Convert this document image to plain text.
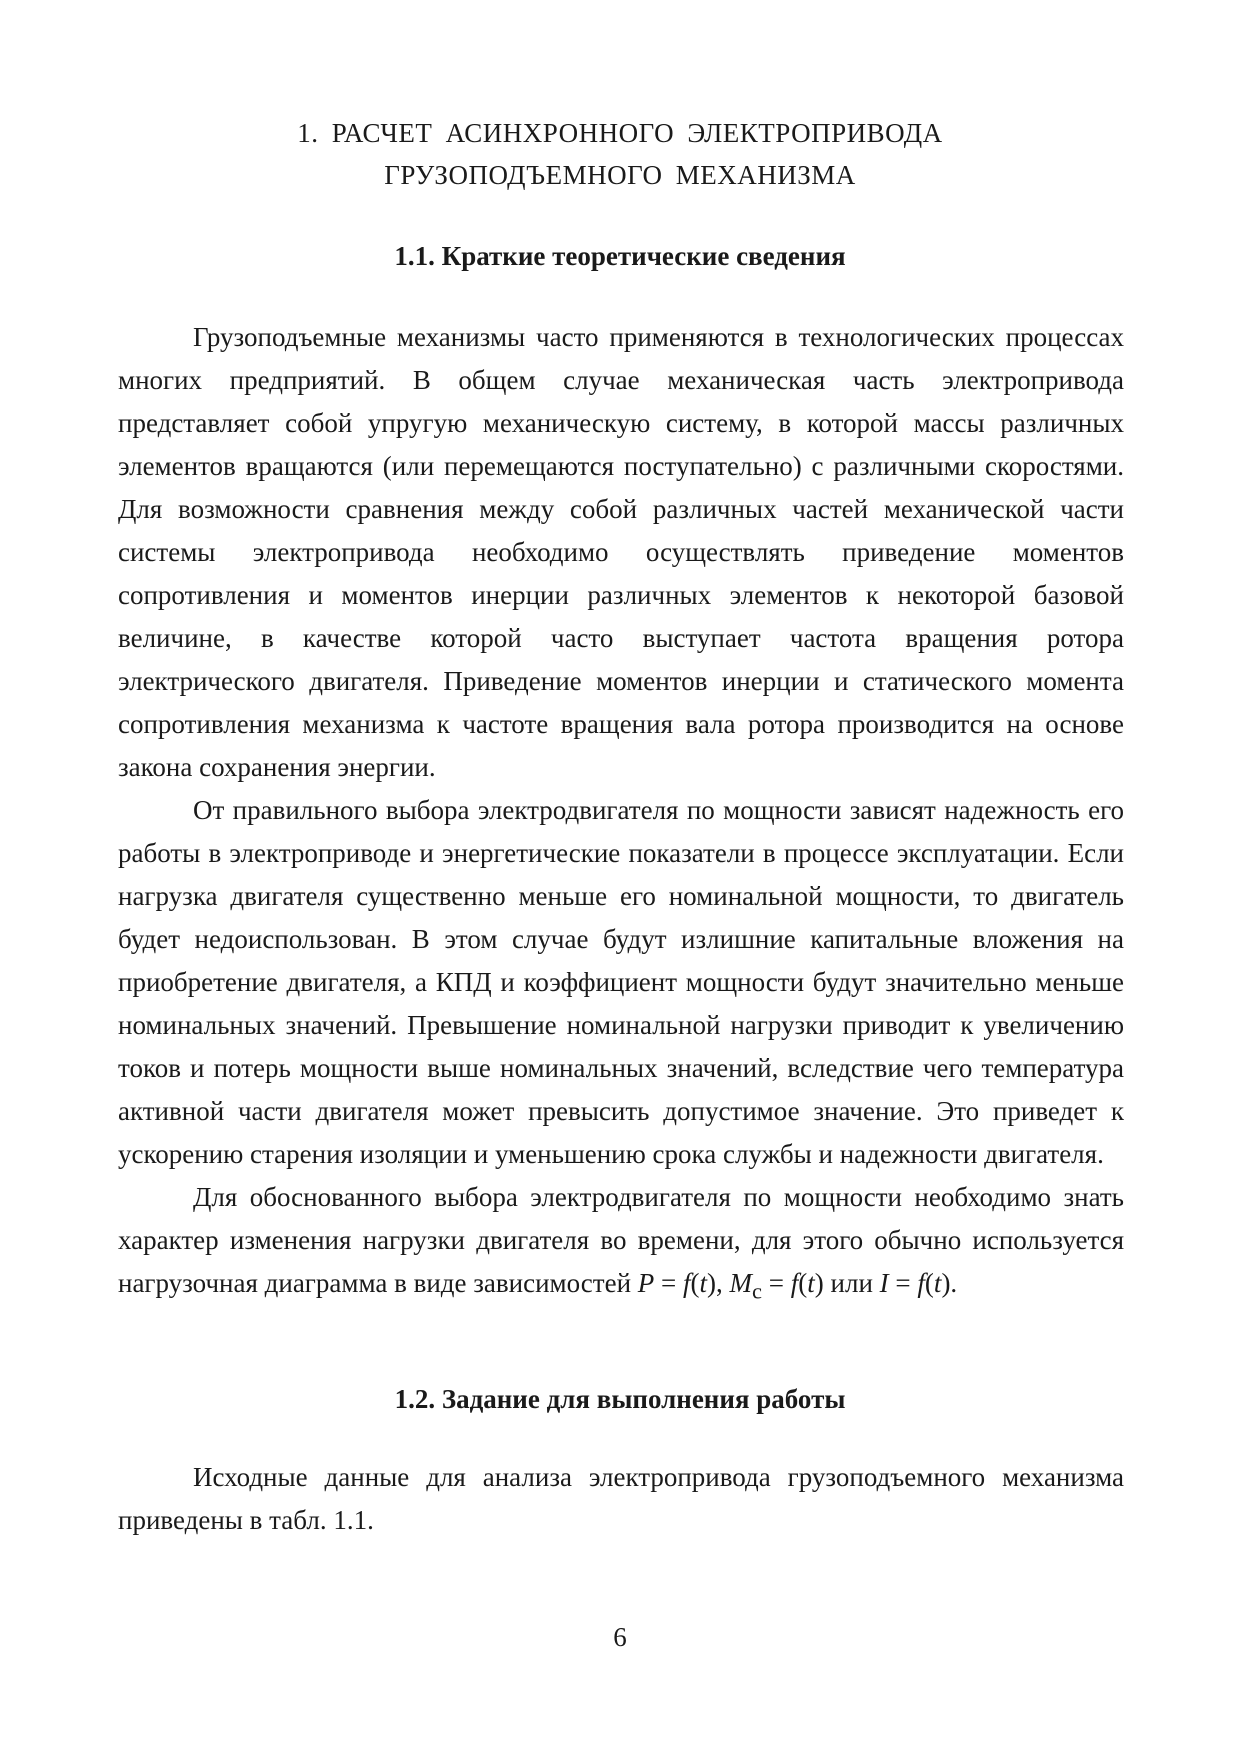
1. РАСЧЕТ АСИНХРОННОГО ЭЛЕКТРОПРИВОДА
ГРУЗОПОДЪЕМНОГО МЕХАНИЗМА
1.1. Краткие теоретические сведения

Грузоподъемные механизмы часто применяются в технологических процессах многих предприятий. В общем случае механическая часть электропривода представляет собой упругую механическую систему, в которой массы различных элементов вращаются (или перемещаются поступательно) с различными скоростями. Для возможности сравнения между собой различных частей механической части системы электропривода необходимо осуществлять приведение моментов сопротивления и моментов инерции различных элементов к некоторой базовой величине, в качестве которой часто выступает частота вращения ротора электрического двигателя. Приведение моментов инерции и статического момента сопротивления механизма к частоте вращения вала ротора производится на основе закона сохранения энергии.

От правильного выбора электродвигателя по мощности зависят надежность его работы в электроприводе и энергетические показатели в процессе эксплуатации. Если нагрузка двигателя существенно меньше его номинальной мощности, то двигатель будет недоиспользован. В этом случае будут излишние капитальные вложения на приобретение двигателя, а КПД и коэффициент мощности будут значительно меньше номинальных значений. Превышение номинальной нагрузки приводит к увеличению токов и потерь мощности выше номинальных значений, вследствие чего температура активной части двигателя может превысить допустимое значение. Это приведет к ускорению старения изоляции и уменьшению срока службы и надежности двигателя.

Для обоснованного выбора электродвигателя по мощности необходимо знать характер изменения нагрузки двигателя во времени, для этого обычно используется нагрузочная диаграмма в виде зависимостей P = f(t), $M_с = f(t)$ или I = f(t).

1.2. Задание для выполнения работы

Исходные данные для анализа электропривода грузоподъемного механизма приведены в табл. 1.1.

6
